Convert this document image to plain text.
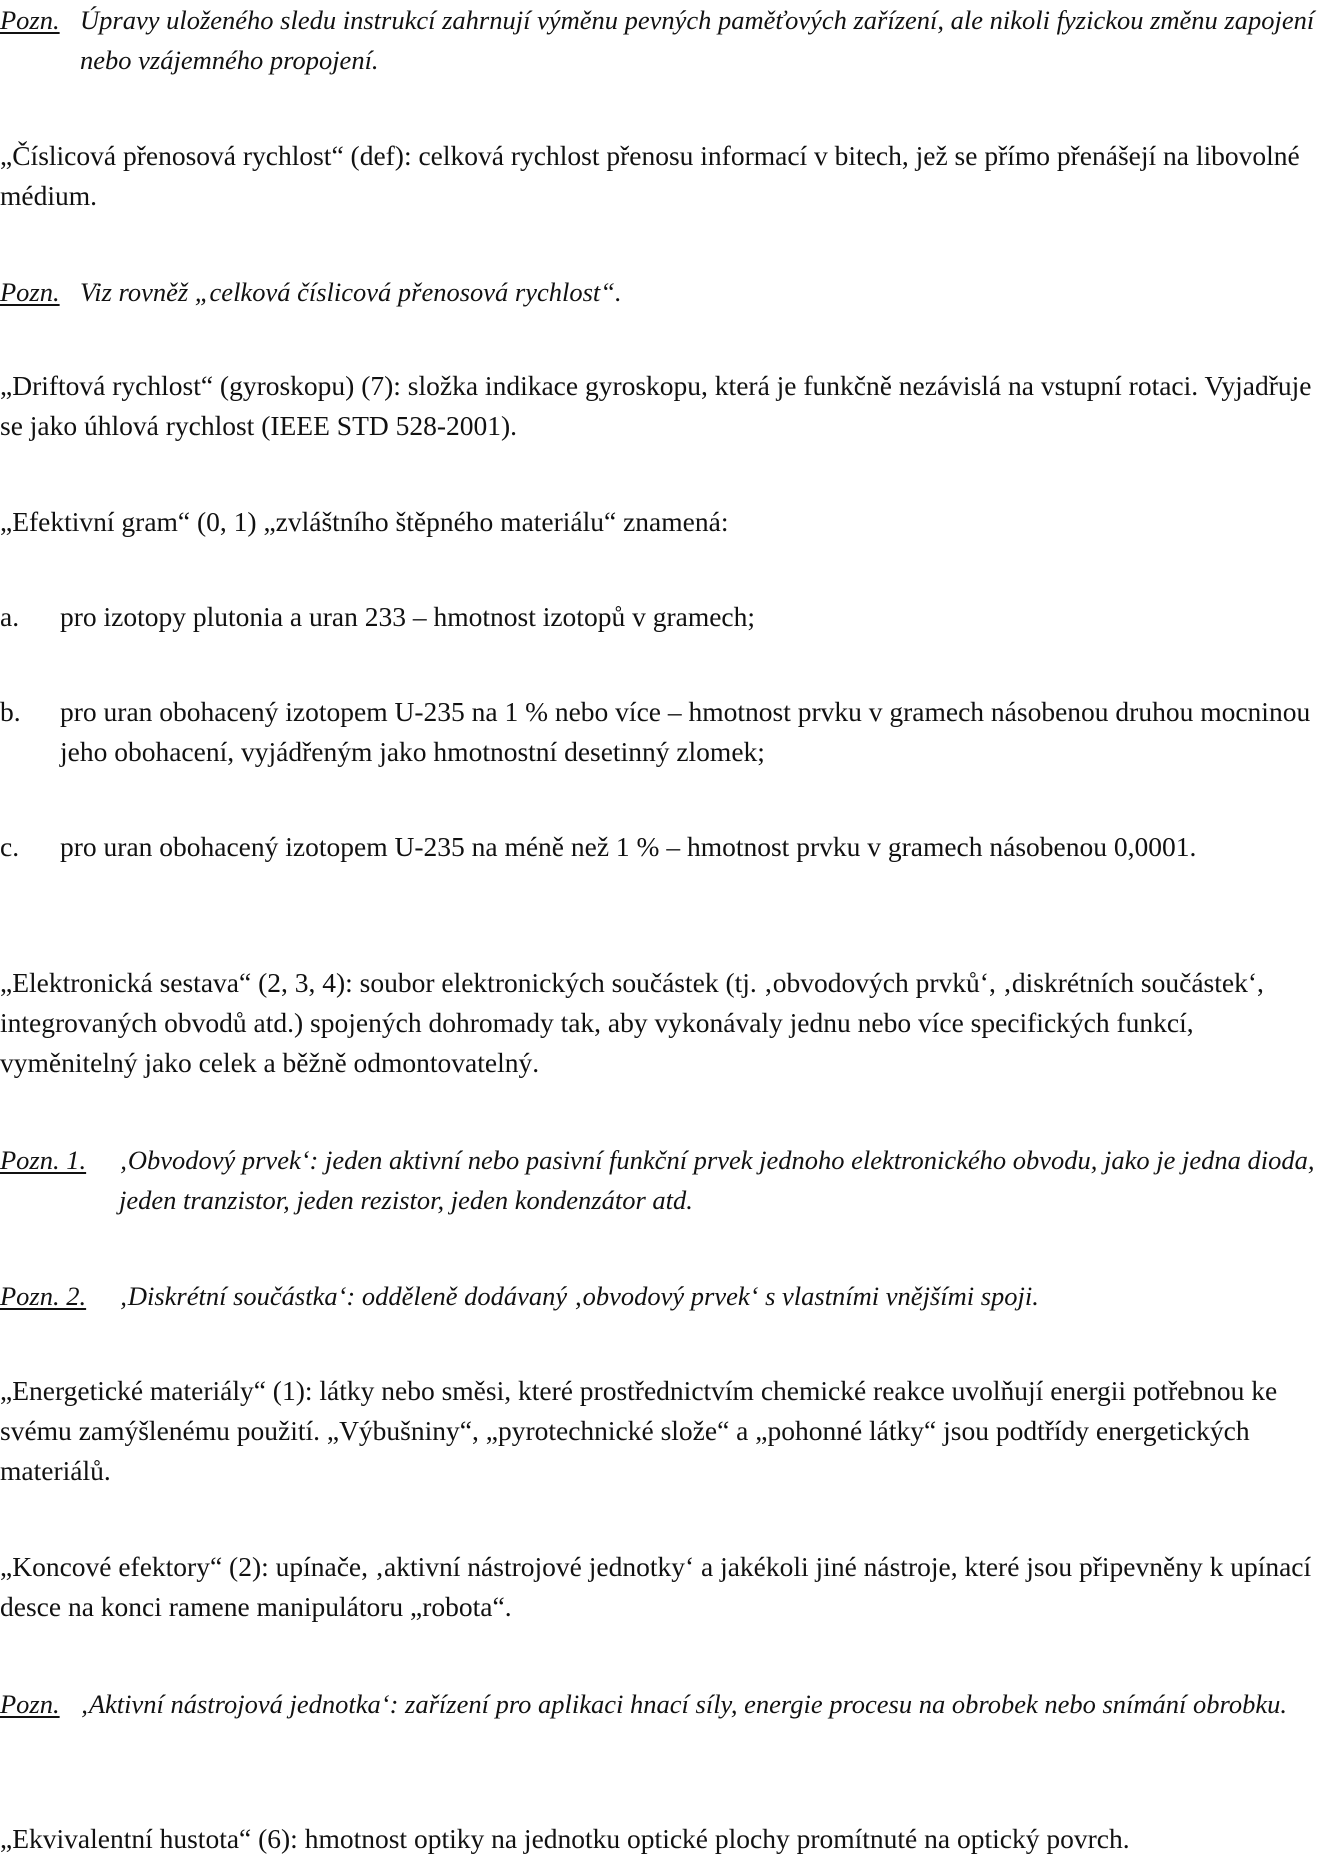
Pozn. Úpravy uloženého sledu instrukcí zahrnují výměnu pevných paměťových zařízení, ale nikoli fyzickou změnu zapojení nebo vzájemného propojení.

„Číslicová přenosová rychlost“ (def): celková rychlost přenosu informací v bitech, jež se přímo přenášejí na libovolné médium.

Pozn. Viz rovněž „celková číslicová přenosová rychlost“.

„Driftová rychlost“ (gyroskopu) (7): složka indikace gyroskopu, která je funkčně nezávislá na vstupní rotaci. Vyjadřuje se jako úhlová rychlost (IEEE STD 528-2001).

„Efektivní gram“ (0, 1) „zvláštního štěpného materiálu“ znamená:

a. pro izotopy plutonia a uran 233 – hmotnost izotopů v gramech;

b. pro uran obohacený izotopem U-235 na 1 % nebo více – hmotnost prvku v gramech násobenou druhou mocninou jeho obohacení, vyjádřeným jako hmotnostní desetinný zlomek;

c. pro uran obohacený izotopem U-235 na méně než 1 % – hmotnost prvku v gramech násobenou 0,0001.

„Elektronická sestava“ (2, 3, 4): soubor elektronických součástek (tj. ‚obvodových prvků‘, ‚diskrétních součástek‘, integrovaných obvodů atd.) spojených dohromady tak, aby vykonávaly jednu nebo více specifických funkcí, vyměnitelný jako celek a běžně odmontovatelný.

Pozn. 1. ‚Obvodový prvek‘: jeden aktivní nebo pasivní funkční prvek jednoho elektronického obvodu, jako je jedna dioda, jeden tranzistor, jeden rezistor, jeden kondenzátor atd.

Pozn. 2. ‚Diskrétní součástka‘: odděleně dodávaný ‚obvodový prvek‘ s vlastními vnějšími spoji.

„Energetické materiály“ (1): látky nebo směsi, které prostřednictvím chemické reakce uvolňují energii potřebnou ke svému zamýšlenému použití. „Výbušniny“, „pyrotechnické slože“ a „pohonné látky“ jsou podtřídy energetických materiálů.

„Koncové efektory“ (2): upínače, ‚aktivní nástrojové jednotky‘ a jakékoli jiné nástroje, které jsou připevněny k upínací desce na konci ramene manipulátoru „robota“.

Pozn. ‚Aktivní nástrojová jednotka‘: zařízení pro aplikaci hnací síly, energie procesu na obrobek nebo snímání obrobku.

„Ekvivalentní hustota“ (6): hmotnost optiky na jednotku optické plochy promítnuté na optický povrch.
